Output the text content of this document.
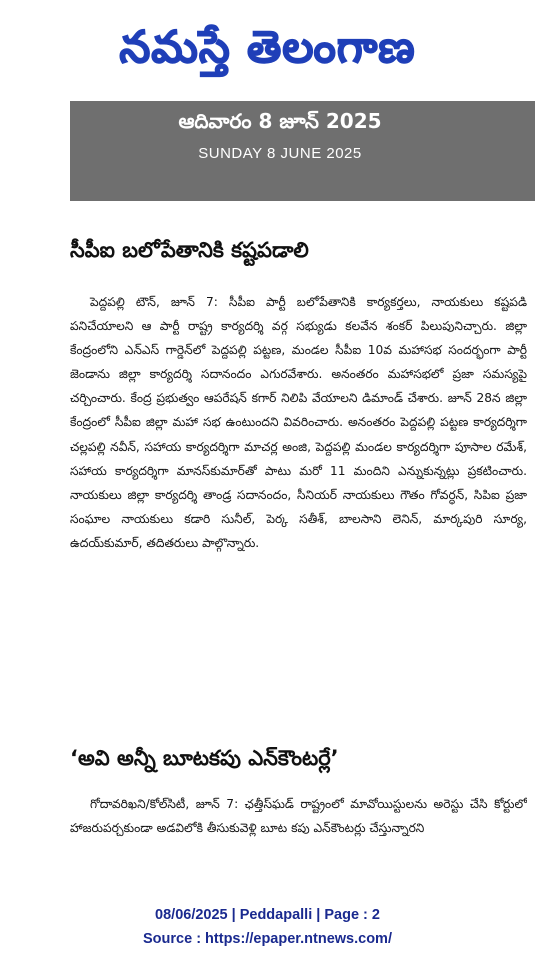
నమస్తే తెలంగాణ
ఆదివారం 8 జూన్ 2025
SUNDAY 8 JUNE 2025
సీపీఐ బలోపేతానికి కష్టపడాలి

పెద్దపల్లి టౌన్, జూన్ 7: సీపీఐ పార్టీ బలోపేతానికి కార్యకర్తలు, నాయకులు కష్టపడి పనిచేయాలని ఆ పార్టీ రాష్ట్ర కార్యదర్శి వర్గ సభ్యుడు కలవేన శంకర్ పిలుపునిచ్చారు. జిల్లా కేంద్రంలోని ఎన్ఎస్ గార్డెన్‌లో పెద్దపల్లి పట్టణ, మండల సీపీఐ 10వ మహాసభ సందర్భంగా పార్టీ జెండాను జిల్లా కార్యదర్శి సదానందం ఎగురవేశారు. అనంతరం మహాసభలో ప్రజా సమస్యపై చర్చించారు. కేంద్ర ప్రభుత్వం ఆపరేషన్ కగార్ నిలిపి వేయాలని డిమాండ్ చేశారు. జూన్ 28న జిల్లా కేంద్రంలో సీపీఐ జిల్లా మహా సభ ఉంటుందని వివరించారు. అనంతరం పెద్దపల్లి పట్టణ కార్యదర్శిగా చల్లపల్లి నవీన్, సహాయ కార్యదర్శిగా మాచర్ల అంజి, పెద్దపల్లి మండల కార్యదర్శిగా పూసాల రమేశ్, సహాయ కార్యదర్శిగా మానస్‌కుమార్‌తో పాటు మరో 11 మందిని ఎన్నుకున్నట్లు ప్రకటించారు. నాయకులు జిల్లా కార్యదర్శి తాండ్ర సదానందం, సీనియర్ నాయకులు గౌతం గోవర్ధన్, సిపిఐ ప్రజా సంఘాల నాయకులు కడారి సునీల్, పెర్క సతీశ్, బాలసాని లెనిన్, మార్కపురి సూర్య, ఉదయ్‌కుమార్, తదితరులు పాల్గొన్నారు.

‘అవి అన్నీ బూటకపు ఎన్‌కౌంటర్లే’

గోదావరిఖని/కోల్‌సిటీ, జూన్ 7: ఛత్తీస్‌ఘడ్ రాష్ట్రంలో మావోయిస్టులను అరెస్టు చేసి కోర్టులో హాజరుపర్చకుండా అడవిలోకి తీసుకువెళ్లి బూట కపు ఎన్‌కౌంటర్లు చేస్తున్నారని

08/06/2025 | Peddapalli | Page : 2
Source : https://epaper.ntnews.com/
